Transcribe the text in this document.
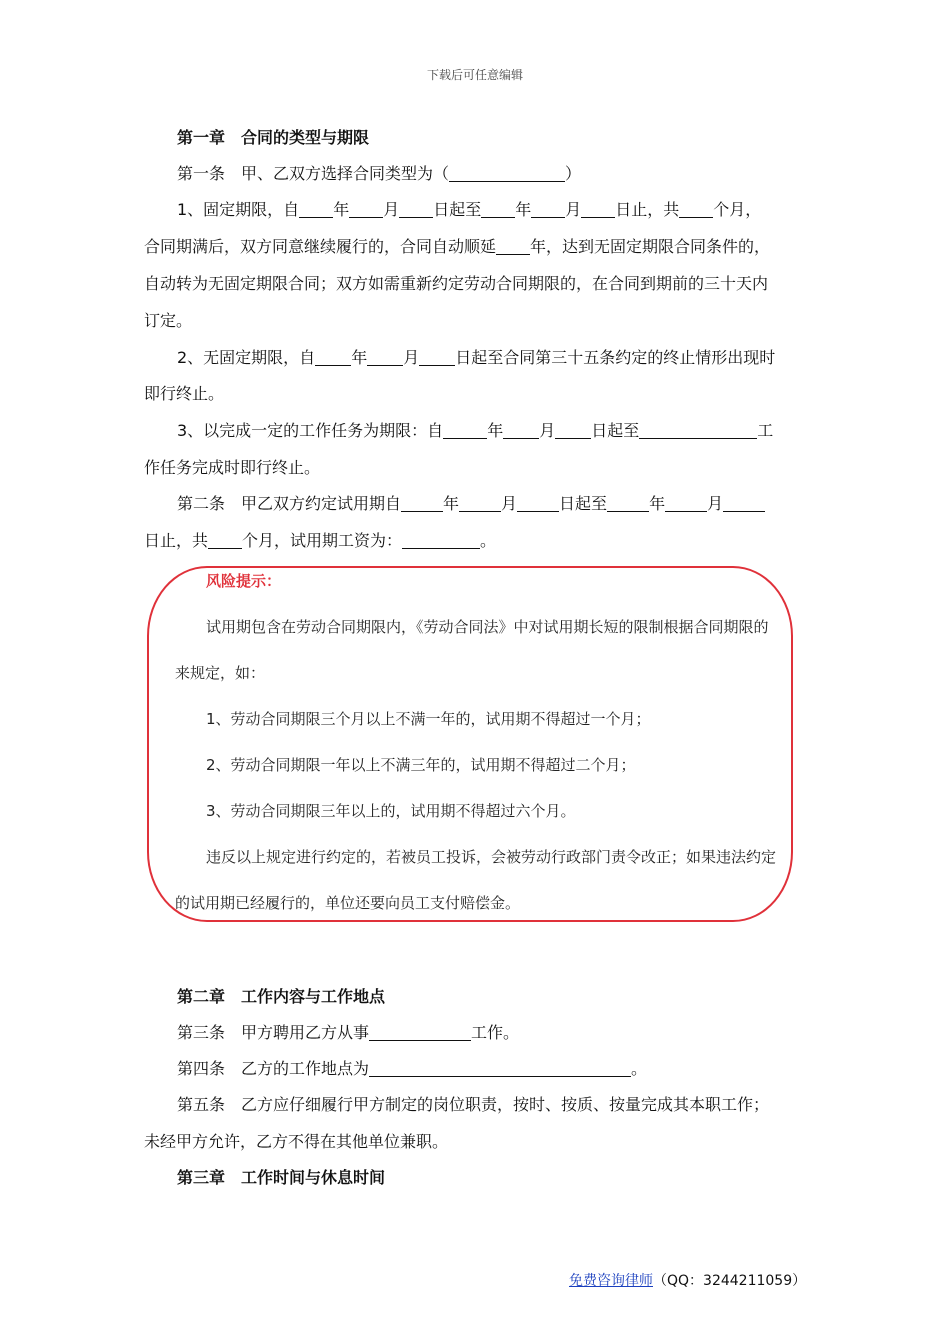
下载后可任意编辑
第一章　合同的类型与期限
第一条　甲、乙双方选择合同类型为（	）
1、固定期限，自 年 月 日起至 年 月 日止，共 个月，
合同期满后，双方同意继续履行的，合同自动顺延 年，达到无固定期限合同条件的，
自动转为无固定期限合同；双方如需重新约定劳动合同期限的，在合同到期前的三十天内
订定。
2、无固定期限，自 年 月 日起至合同第三十五条约定的终止情形出现时
即行终止。
3、以完成一定的工作任务为期限：自	年 月 日起至	工
作任务完成时即行终止。
第二条　甲乙双方约定试用期自	年	月	日起至	年	月
日止，共 个月，试用期工资为：	。
风险提示：
试用期包含在劳动合同期限内，《劳动合同法》中对试用期长短的限制根据合同期限的
来规定，如：
1、劳动合同期限三个月以上不满一年的，试用期不得超过一个月；
2、劳动合同期限一年以上不满三年的，试用期不得超过二个月；
3、劳动合同期限三年以上的，试用期不得超过六个月。
违反以上规定进行约定的，若被员工投诉，会被劳动行政部门责令改正；如果违法约定
的试用期已经履行的，单位还要向员工支付赔偿金。
第二章　工作内容与工作地点
第三条　甲方聘用乙方从事	工作。
第四条　乙方的工作地点为	。
第五条　乙方应仔细履行甲方制定的岗位职责，按时、按质、按量完成其本职工作；
未经甲方允许，乙方不得在其他单位兼职。
第三章　工作时间与休息时间
免费咨询律师（QQ：3244211059）
